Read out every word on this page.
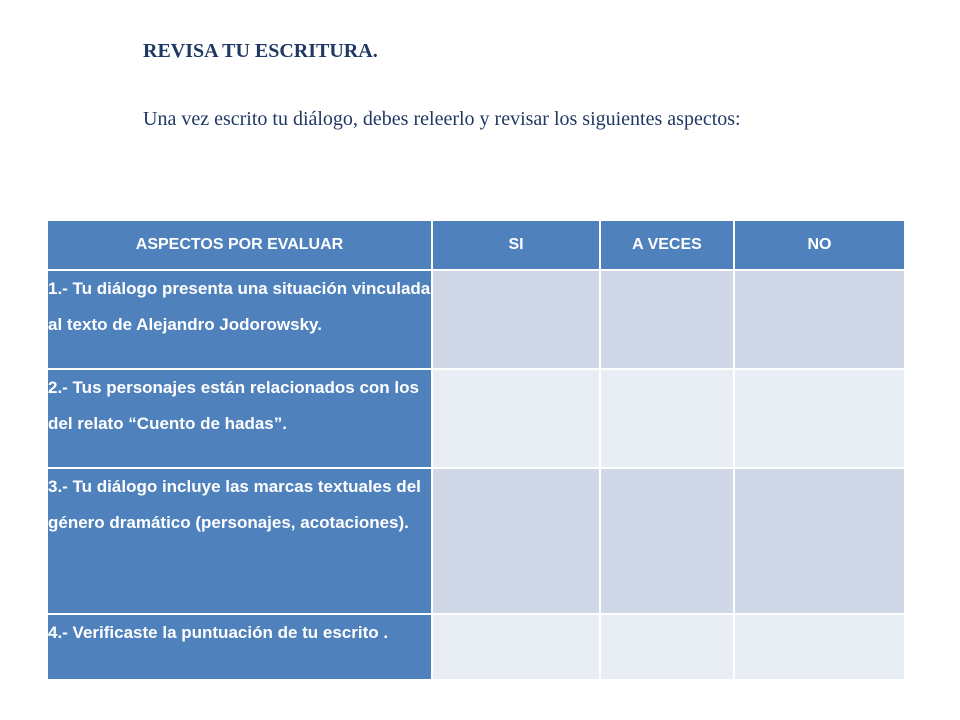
REVISA TU ESCRITURA.

Una vez escrito tu diálogo, debes releerlo y revisar los siguientes aspectos:

ASPECTOS POR EVALUAR	SI	A VECES	NO
1.- Tu diálogo presenta una situación vinculada al texto de Alejandro Jodorowsky.			
2.- Tus personajes están relacionados con los del relato “Cuento de hadas”.			
3.- Tu diálogo incluye las marcas textuales del género dramático (personajes, acotaciones).			
4.- Verificaste la puntuación de tu escrito .			
